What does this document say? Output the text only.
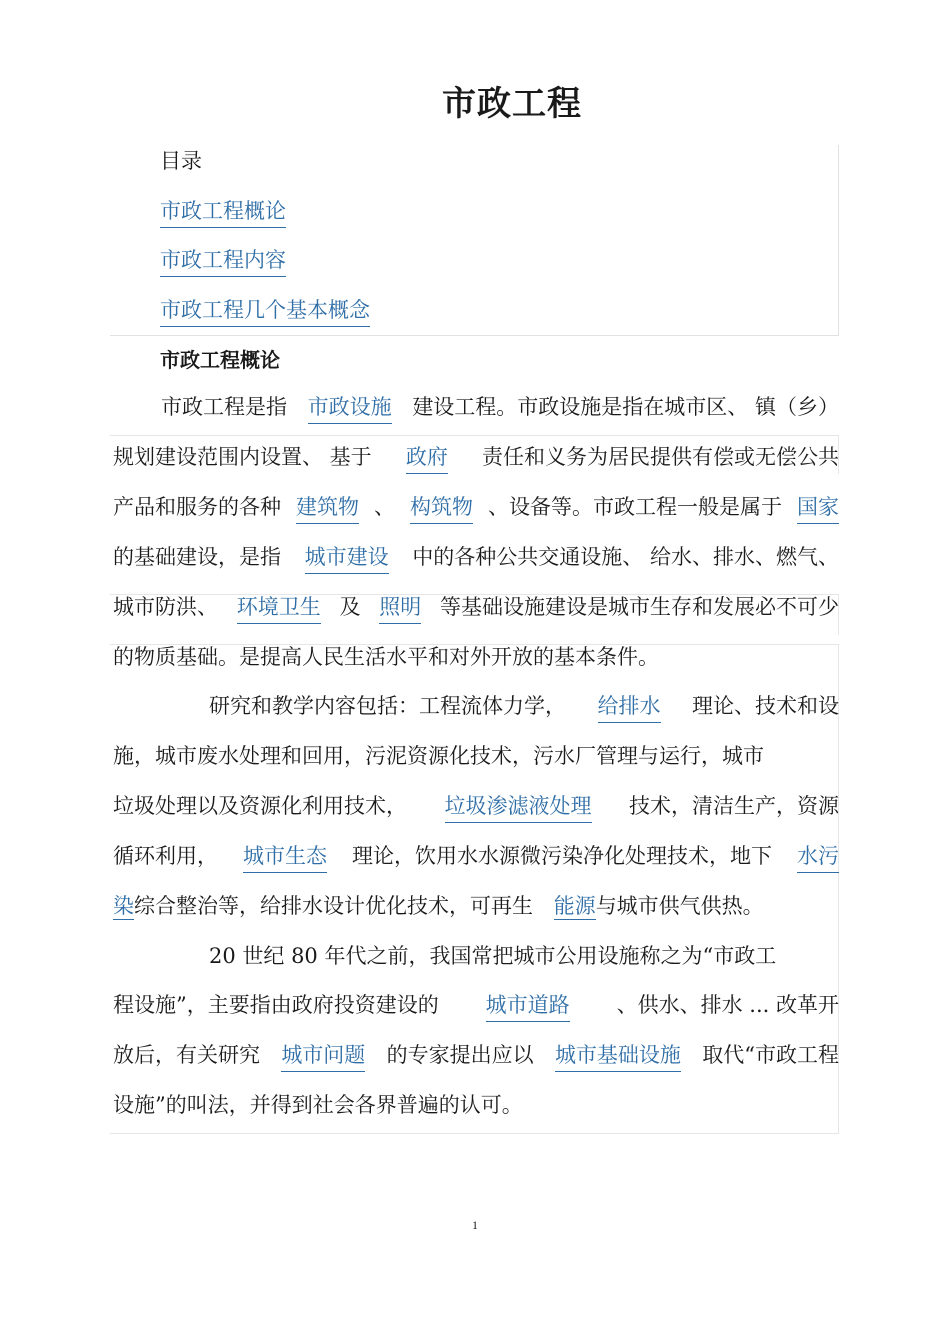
市政工程
目录
市政工程概论
市政工程内容
市政工程几个基本概念
市政工程概论
市政工程是指 市政设施 建设工程。市政设施是指在城市区、 镇（乡）
规划建设范围内设置、 基于 政府 责任和义务为居民提供有偿或无偿公共
产品和服务的各种 建筑物 、 构筑物 、设备等。市政工程一般是属于 国家
的基础建设，是指 城市建设 中的各种公共交通设施、 给水、排水、燃气、
城市防洪、 环境卫生 及 照明 等基础设施建设是城市生存和发展必不可少
的物质基础。是提高人民生活水平和对外开放的基本条件。
研究和教学内容包括：工程流体力学， 给排水 理论、技术和设
施，城市废水处理和回用，污泥资源化技术，污水厂管理与运行，城市
垃圾处理以及资源化利用技术， 垃圾渗滤液处理 技术，清洁生产，资源
循环利用， 城市生态 理论，饮用水水源微污染净化处理技术，地下 水污
染综合整治等，给排水设计优化技术，可再生 能源与城市供气供热。
20 世纪 80 年代之前，我国常把城市公用设施称之为“市政工
程设施”，主要指由政府投资建设的 城市道路 、供水、排水 ... 改革开
放后，有关研究 城市问题 的专家提出应以 城市基础设施 取代“市政工程
设施”的叫法，并得到社会各界普遍的认可。
1
